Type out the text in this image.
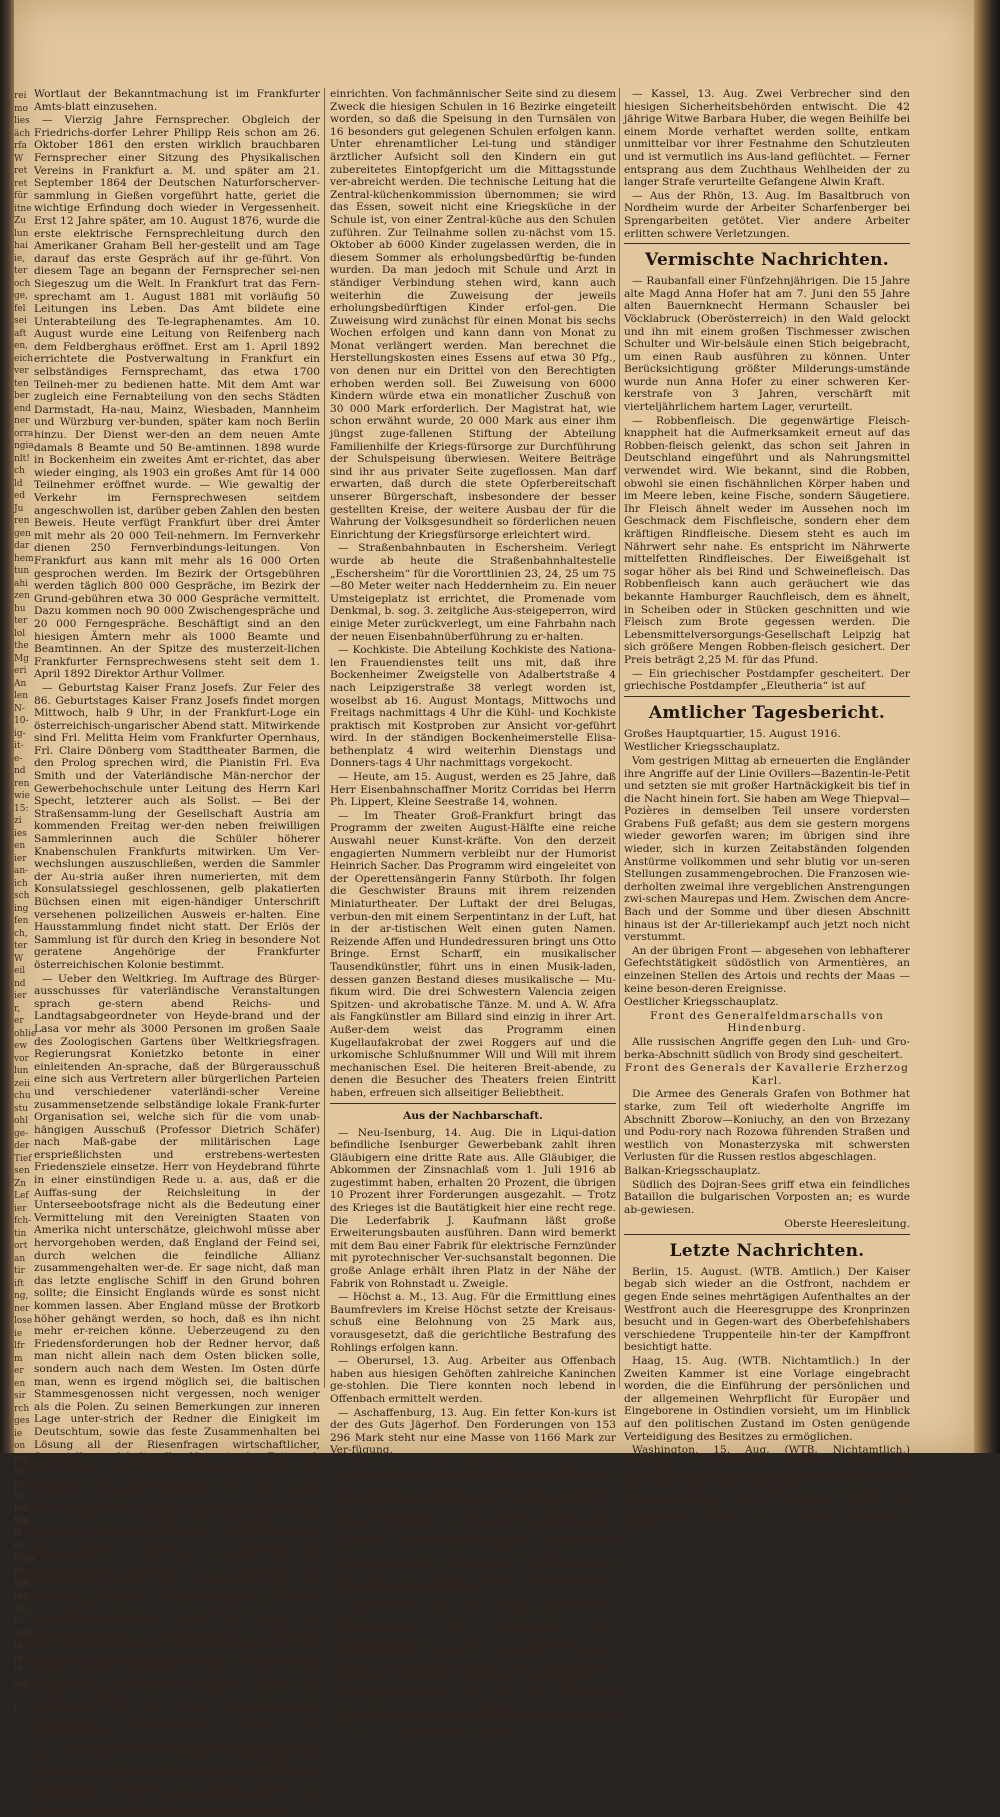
rei mo lies äch rfa W ret ret für itne Zu lun hai ie, ter och ge, fel sei aft en, eich ver ten ber end ner orra ngia nlt! ch ld ed Ju ren gen dar hem tun ahi zen hu ter lol the Mg eri An len N- 10- ig- it- e- nd ren wie 15: zi ies en ier an- ich sch ing fen ch, ter W eil nd ier r, er ohlie ew vor lun zeii chu stu ohl ge- der Tief sen Zn Lef ier fch- tin ort an tir ift ng, ner lose ie lfr m er en sir rch ges ie on ein nd, er lei ber ten N er- fchn- en fen ten fch it- zeh in in rf ver n. t.

Wortlaut der Bekanntmachung ist im Frankfurter Amts-blatt einzusehen.

— Vierzig Jahre Fernsprecher. Obgleich der Friedrichs-dorfer Lehrer Philipp Reis schon am 26. Oktober 1861 den ersten wirklich brauchbaren Fernsprecher einer Sitzung des Physikalischen Vereins in Frankfurt a. M. und später am 21. September 1864 der Deutschen Naturforscherver-sammlung in Gießen vorgeführt hatte, geriet die wichtige Erfindung doch wieder in Vergessenheit. Erst 12 Jahre später, am 10. August 1876, wurde die erste elektrische Fernsprechleitung durch den Amerikaner Graham Bell her-gestellt und am Tage darauf das erste Gespräch auf ihr ge-führt. Von diesem Tage an begann der Fernsprecher sei-nen Siegeszug um die Welt. In Frankfurt trat das Fern-sprechamt am 1. August 1881 mit vorläufig 50 Leitungen ins Leben. Das Amt bildete eine Unterabteilung des Te-legraphenamtes. Am 10. August wurde eine Leitung von Reifenberg nach dem Feldberghaus eröffnet. Erst am 1. April 1892 errichtete die Postverwaltung in Frankfurt ein selbständiges Fernsprechamt, das etwa 1700 Teilneh-mer zu bedienen hatte. Mit dem Amt war zugleich eine Fernabteilung von den sechs Städten Darmstadt, Ha-nau, Mainz, Wiesbaden, Mannheim und Würzburg ver-bunden, später kam noch Berlin hinzu. Der Dienst wer-den an dem neuen Amte damals 8 Beamte und 50 Be-amtinnen. 1898 wurde in Bockenheim ein zweites Amt er-richtet, das aber wieder einging, als 1903 ein großes Amt für 14 000 Teilnehmer eröffnet wurde. — Wie gewaltig der Verkehr im Fernsprechwesen seitdem angeschwollen ist, darüber geben Zahlen den besten Beweis. Heute verfügt Frankfurt über drei Ämter mit mehr als 20 000 Teil-nehmern. Im Fernverkehr dienen 250 Fernverbindungs-leitungen. Von Frankfurt aus kann mit mehr als 16 000 Orten gesprochen werden. Im Bezirk der Ortsgebühren werden täglich 800 000 Gespräche, im Bezirk der Grund-gebühren etwa 30 000 Gespräche vermittelt. Dazu kommen noch 90 000 Zwischengespräche und 20 000 Ferngespräche. Beschäftigt sind an den hiesigen Ämtern mehr als 1000 Beamte und Beamtinnen. An der Spitze des musterzeit-lichen Frankfurter Fernsprechwesens steht seit dem 1. April 1892 Direktor Arthur Vollmer.

— Geburtstag Kaiser Franz Josefs. Zur Feier des 86. Geburtstages Kaiser Franz Josefs findet morgen Mittwoch, halb 9 Uhr, in der Frankfurt-Loge ein österreichisch-ungarischer Abend statt. Mitwirkende sind Frl. Melitta Heim vom Frankfurter Opernhaus, Frl. Claire Dönberg vom Stadttheater Barmen, die den Prolog sprechen wird, die Pianistin Frl. Eva Smith und der Vaterländische Män-nerchor der Gewerbehochschule unter Leitung des Herrn Karl Specht, letzterer auch als Solist. — Bei der Straßensamm-lung der Gesellschaft Austria am kommenden Freitag wer-den neben freiwilligen Sammlerinnen auch die Schüler höherer Knabenschulen Frankfurts mitwirken. Um Ver-wechslungen auszuschließen, werden die Sammler der Au-stria außer ihren numerierten, mit dem Konsulatssiegel geschlossenen, gelb plakatierten Büchsen einen mit eigen-händiger Unterschrift versehenen polizeilichen Ausweis er-halten. Eine Hausstammlung findet nicht statt. Der Erlös der Sammlung ist für durch den Krieg in besondere Not geratene Angehörige der Frankfurter österreichischen Kolonie bestimmt.

— Ueber den Weltkrieg. Im Auftrage des Bürger-ausschusses für vaterländische Veranstaltungen sprach ge-stern abend Reichs- und Landtagsabgeordneter von Heyde-brand und der Lasa vor mehr als 3000 Personen im großen Saale des Zoologischen Gartens über Weltkriegsfragen. Regierungsrat Konietzko betonte in einer einleitenden An-sprache, daß der Bürgerausschuß eine sich aus Vertretern aller bürgerlichen Parteien und verschiedener vaterländi-scher Vereine zusammensetzende selbständige lokale Frank-furter Organisation sei, welche sich für die vom unab-hängigen Ausschuß (Professor Dietrich Schäfer) nach Maß-gabe der militärischen Lage ersprießlichsten und erstrebens-wertesten Friedensziele einsetze. Herr von Heydebrand führte in einer einstündigen Rede u. a. aus, daß er die Auffas-sung der Reichsleitung in der Unterseebootsfrage nicht als die Bedeutung einer Vermittelung mit den Vereinigten Staaten von Amerika nicht unterschätze, gleichwohl müsse aber hervorgehoben werden, daß England der Feind sei, durch welchen die feindliche Allianz zusammengehalten wer-de. Er sage nicht, daß man das letzte englische Schiff in den Grund bohren sollte; die Einsicht Englands würde es sonst nicht kommen lassen. Aber England müsse der Brotkorb höher gehängt werden, so hoch, daß es ihn nicht mehr er-reichen könne. Ueberzeugend zu den Friedensforderungen hob der Redner hervor, daß man nicht allein nach dem Osten blicken solle, sondern auch nach dem Westen. Im Osten dürfe man, wenn es irgend möglich sei, die baltischen Stammesgenossen nicht vergessen, noch weniger als die Polen. Zu seinen Bemerkungen zur inneren Lage unter-strich der Redner die Einigkeit im Deutschtum, sowie das feste Zusammenhalten bei Lösung all der Riesenfragen wirtschaftlicher, finanzieller und kultureller Natur in der Zeit nach dem Kriege. Das preußische Wahlrecht dürfe nicht den Kern der Neuorientierung bilden, wie er sich überhaupt dagegen aussprechen, bei dem Aufbau des preu-ßischen Staates entsprechende Eigenart des preußischen Wahlrechts aufzugeben. Die Eigenart der einzelstaatlichen Organismen dürfe nicht geopfert werden, da sie kulturell und wirtschaftlich, ja auch jetzt draußen auf dem Schlacht-felde zusammen die Grundlage zu fruchtbarer Tätigkeit. Die Schlußausführungen des Redners waren der Sozialdemo-kratie gewidmet. Der Begriff national und antinational könne nicht als zusammengeschlossen gelten, so lange die Sozialdemokratie die Verbrüderung des Proletariats der ganzen Welt erstrebe. Die Rede klang aus in den Mahnruf: Aus Vaterland, aus teure, schließ dich an! Regie-rungsrat Konietzko sprach ein kurzes Schlußwort, gedachte der Kämpfer draußen, zu Lande, zu Wasser und in der Luft und brachte ein Kaiserhoch aus. Mit der begeisterungs-voll gesungenen Nationalhymne schloß die Veranstaltung.

— Schulspeisung für erholungsbedürftige Kinder. Wie die Abteilung Familienhilfe der Kriegsfürsorge mitteilt, wird sie gemäß den Beschlüssen der oberen städtischen Be-hörden in diesem Herbst in Ergänzung der Erholungsfür-sorge eine Schulspeisung für erholungsbedürftige Kinder

einrichten. Von fachmännischer Seite sind zu diesem Zweck die hiesigen Schulen in 16 Bezirke eingeteilt worden, so daß die Speisung in den Turnsälen von 16 besonders gut gelegenen Schulen erfolgen kann. Unter ehrenamtlicher Lei-tung und ständiger ärztlicher Aufsicht soll den Kindern ein gut zubereitetes Eintopfgericht um die Mittagsstunde ver-abreicht werden. Die technische Leitung hat die Zentral-küchenkommission übernommen; sie wird das Essen, soweit nicht eine Kriegsküche in der Schule ist, von einer Zentral-küche aus den Schulen zuführen. Zur Teilnahme sollen zu-nächst vom 15. Oktober ab 6000 Kinder zugelassen werden, die in diesem Sommer als erholungsbedürftig be-funden wurden. Da man jedoch mit Schule und Arzt in ständiger Verbindung stehen wird, kann auch weiterhin die Zuweisung der jeweils erholungsbedürftigen Kinder erfol-gen. Die Zuweisung wird zunächst für einen Monat bis sechs Wochen erfolgen und kann dann von Monat zu Monat verlängert werden. Man berechnet die Herstellungskosten eines Essens auf etwa 30 Pfg., von denen nur ein Drittel von den Berechtigten erhoben werden soll. Bei Zuweisung von 6000 Kindern würde etwa ein monatlicher Zuschuß von 30 000 Mark erforderlich. Der Magistrat hat, wie schon erwähnt wurde, 20 000 Mark aus einer ihm jüngst zuge-fallenen Stiftung der Abteilung Familienhilfe der Kriegs-fürsorge zur Durchführung der Schulspeisung überwiesen. Weitere Beiträge sind ihr aus privater Seite zugeflossen. Man darf erwarten, daß durch die stete Opferbereitschaft unserer Bürgerschaft, insbesondere der besser gestellten Kreise, der weitere Ausbau der für die Wahrung der Volksgesundheit so förderlichen neuen Einrichtung der Kriegsfürsorge erleichtert wird.

— Straßenbahnbauten in Eschersheim. Verlegt wurde ab heute die Straßenbahnhaltestelle „Eschersheim“ für die Vororttlinien 23, 24, 25 um 75—80 Meter weiter nach Heddernheim zu. Ein neuer Umsteigeplatz ist errichtet, die Promenade vom Denkmal, b. sog. 3. zeitgliche Aus-steigeperron, wird einige Meter zurückverlegt, um eine Fahrbahn nach der neuen Eisenbahnüberführung zu er-halten.

— Kochkiste. Die Abteilung Kochkiste des Nationa-len Frauendienstes teilt uns mit, daß ihre Bockenheimer Zweigstelle von Adalbertstraße 4 nach Leipzigerstraße 38 verlegt worden ist, woselbst ab 16. August Montags, Mittwochs und Freitags nachmittags 4 Uhr die Kühl- und Kochkiste praktisch mit Kostproben zur Ansicht vor-geführt wird. In der ständigen Bockenheimerstelle Elisa-bethenplatz 4 wird weiterhin Dienstags und Donners-tags 4 Uhr nachmittags vorgekocht.

— Heute, am 15. August, werden es 25 Jahre, daß Herr Eisenbahnschaffner Moritz Corridas bei Herrn Ph. Lippert, Kleine Seestraße 14, wohnen.

— Im Theater Groß-Frankfurt bringt das Programm der zweiten August-Hälfte eine reiche Auswahl neuer Kunst-kräfte. Von den derzeit engagierten Nummern verbleibt nur der Humorist Heinrich Sacher. Das Programm wird eingeleitet von der Operettensängerin Fanny Stürboth. Ihr folgen die Geschwister Brauns mit ihrem reizenden Miniaturtheater. Der Luftakt der drei Belugas, verbun-den mit einem Serpentintanz in der Luft, hat in der ar-tistischen Welt einen guten Namen. Reizende Affen und Hundedressuren bringt uns Otto Bringe. Ernst Scharff, ein musikalischer Tausendkünstler, führt uns in einen Musik-laden, dessen ganzen Bestand dieses musikalische — Mu-fikum wird. Die drei Schwestern Valencia zeigen Spitzen- und akrobatische Tänze. M. und A. W. Afra als Fangkünstler am Billard sind einzig in ihrer Art. Außer-dem weist das Programm einen Kugellaufakrobat der zwei Roggers auf und die urkomische Schlußnummer Will und Will mit ihrem mechanischen Esel. Die heiteren Breit-abende, zu denen die Besucher des Theaters freien Eintritt haben, erfreuen sich allseitiger Beliebtheit.

Aus der Nachbarschaft.

— Neu-Isenburg, 14. Aug. Die in Liqui-dation befindliche Isenburger Gewerbebank zahlt ihren Gläubigern eine dritte Rate aus. Alle Gläubiger, die Abkommen der Zinsnachlaß vom 1. Juli 1916 ab zugestimmt haben, erhalten 20 Prozent, die übrigen 10 Prozent ihrer Forderungen ausgezahlt. — Trotz des Krieges ist die Bautätigkeit hier eine recht rege. Die Lederfabrik J. Kaufmann läßt große Erweiterungsbauten ausführen. Dann wird bemerkt mit dem Bau einer Fabrik für elektrische Fernzünder mit pyrotechnischer Ver-suchsanstalt begonnen. Die große Anlage erhält ihren Platz in der Nähe der Fabrik von Rohnstadt u. Zweigle.

— Höchst a. M., 13. Aug. Für die Ermittlung eines Baumfrevlers im Kreise Höchst setzte der Kreisaus-schuß eine Belohnung von 25 Mark aus, vorausgesetzt, daß die gerichtliche Bestrafung des Rohlings erfolgen kann.

— Oberursel, 13. Aug. Arbeiter aus Offenbach haben aus hiesigen Gehöften zahlreiche Kaninchen ge-stohlen. Die Tiere konnten noch lebend in Offenbach ermittelt werden.

— Aschaffenburg, 13. Aug. Ein fetter Kon-kurs ist der des Guts Jägerhof. Den Forderungen von 153 296 Mark steht nur eine Masse von 1166 Mark zur Ver-fügung.

— Eberstadt (Kreis Darmstadt), 13. Aug. Nach kurzem Leiden verstarb hier im Alter von 57 Jahren Frau Sanitätsrat Adelheid Wette. Die Verstorbene war die Verfasserin zahlreicher Märchenspiele, wie „Der Frosch-könig“, „Die sieben Geißlein“ und „Hänsel und Gretel“. Zu „Hänsel und Gretel“ schrieb ihr Bruder, Engelbert Humperdinck, die prächtige kerndeutsche Musik, die blei-bendes Eigentum der deutschen Bühnen geworden ist. Weltberühmt ist auch das von Adelheid Wette heraus-gegebene „Deutsche Kinderliederbuch“.

— Schlüchtern, 14. Aug. Der am Samstag hier abgehaltene Kreistag ermächtigte den Kreisausschuß, dem Patenkreise des Regierungsbezirks Kassel Stallupönen in Ostpreußen einen Betrag von 5300 Mk. zu spenden. Vorerst soll versucht werden, diese Summe durch freiwillige Sammlungen im Kreise aufzubringen; der fehlende Rest wird dann von der Kreiskasse übernommen. — Insgesamt hat der Regierungsbezirk Kassel ohne die Stadt Kassel 150 000 Mk. für Stallupönen bewilligt.

— Kassel, 13. Aug. Zwei Verbrecher sind den hiesigen Sicherheitsbehörden entwischt. Die 42 jährige Witwe Barbara Huber, die wegen Beihilfe bei einem Morde verhaftet werden sollte, entkam unmittelbar vor ihrer Festnahme den Schutzleuten und ist vermutlich ins Aus-land geflüchtet. — Ferner entsprang aus dem Zuchthaus Wehlheiden der zu langer Strafe verurteilte Gefangene Alwin Kraft.

— Aus der Rhön, 13. Aug. Im Basaltbruch von Nordheim wurde der Arbeiter Scharfenberger bei Sprengarbeiten getötet. Vier andere Arbeiter erlitten schwere Verletzungen.

Vermischte Nachrichten.

— Raubanfall einer Fünfzehnjährigen. Die 15 Jahre alte Magd Anna Hofer hat am 7. Juni den 55 Jahre alten Bauernknecht Hermann Schausler bei Vöcklabruck (Oberösterreich) in den Wald gelockt und ihn mit einem großen Tischmesser zwischen Schulter und Wir-belsäule einen Stich beigebracht, um einen Raub ausführen zu können. Unter Berücksichtigung größter Milderungs-umstände wurde nun Anna Hofer zu einer schweren Ker-kerstrafe von 3 Jahren, verschärft mit vierteljährlichem hartem Lager, verurteilt.

— Robbenfleisch. Die gegenwärtige Fleisch-knappheit hat die Aufmerksamkeit erneut auf das Robben-fleisch gelenkt, das schon seit Jahren in Deutschland eingeführt und als Nahrungsmittel verwendet wird. Wie bekannt, sind die Robben, obwohl sie einen fischähnlichen Körper haben und im Meere leben, keine Fische, sondern Säugetiere. Ihr Fleisch ähnelt weder im Aussehen noch im Geschmack dem Fischfleische, sondern eher dem kräftigen Rindfleische. Diesem steht es auch im Nährwert sehr nahe. Es entspricht im Nährwerte mittelfetten Rindfleisches. Der Eiweißgehalt ist sogar höher als bei Rind und Schweinefleisch. Das Robbenfleisch kann auch geräuchert wie das bekannte Hamburger Rauchfleisch, dem es ähnelt, in Scheiben oder in Stücken geschnitten und wie Fleisch zum Brote gegessen werden. Die Lebensmittelversorgungs-Gesellschaft Leipzig hat sich größere Mengen Robben-fleisch gesichert. Der Preis beträgt 2,25 M. für das Pfund.

— Ein griechischer Postdampfer gescheitert. Der griechische Postdampfer „Eleutheria“ ist auf

Amtlicher Tagesbericht.

Großes Hauptquartier, 15. August 1916.

Westlicher Kriegsschauplatz.

Vom gestrigen Mittag ab erneuerten die Engländer ihre Angriffe auf der Linie Ovillers—Bazentin-le-Petit und setzten sie mit großer Hartnäckigkeit bis tief in die Nacht hinein fort. Sie haben am Wege Thiepval—Pozières in demselben Teil unsere vordersten Grabens Fuß gefaßt; aus dem sie gestern morgens wieder geworfen waren; im übrigen sind ihre wieder, sich in kurzen Zeitabständen folgenden Anstürme vollkommen und sehr blutig vor un-seren Stellungen zusammengebrochen. Die Franzosen wie-derholten zweimal ihre vergeblichen Anstrengungen zwi-schen Maurepas und Hem. Zwischen dem Ancre-Bach und der Somme und über diesen Abschnitt hinaus ist der Ar-tilleriekampf auch jetzt noch nicht verstummt.

An der übrigen Front — abgesehen von lebhafterer Gefechtstätigkeit südöstlich von Armentières, an einzelnen Stellen des Artois und rechts der Maas — keine beson-deren Ereignisse.

Oestlicher Kriegsschauplatz.

Front des Generalfeldmarschalls von Hindenburg.

Alle russischen Angriffe gegen den Luh- und Gro-berka-Abschnitt südlich von Brody sind gescheitert.

Front des Generals der Kavallerie Erzherzog Karl.

Die Armee des Generals Grafen von Bothmer hat starke, zum Teil oft wiederholte Angriffe im Abschnitt Zborow—Koniuchy, an den von Brzezany und Podu-rory nach Rozowa führenden Straßen und westlich von Monasterzyska mit schwersten Verlusten für die Russen restlos abgeschlagen.

Balkan-Kriegsschauplatz.

Südlich des Dojran-Sees griff etwa ein feindliches Bataillon die bulgarischen Vorposten an; es wurde ab-gewiesen.

Oberste Heeresleitung.
Letzte Nachrichten.

Berlin, 15. August. (WTB. Amtlich.) Der Kaiser begab sich wieder an die Ostfront, nachdem er gegen Ende seines mehrtägigen Aufenthaltes an der Westfront auch die Heeresgruppe des Kronprinzen besucht und in Gegen-wart des Oberbefehlshabers verschiedene Truppenteile hin-ter der Kampffront besichtigt hatte.

Haag, 15. Aug. (WTB. Nichtamtlich.) In der Zweiten Kammer ist eine Vorlage eingebracht worden, die die Einführung der persönlichen und der allgemeinen Wehrpflicht für Europäer und Eingeborene in Ostindien vorsieht, um im Hinblick auf den politischen Zustand im Osten genügende Verteidigung des Besitzes zu ermöglichen.

Washington, 15. Aug. (WTB. Nichtamtlich.) Meldung des Reuterschen Bureaus. Sowohl die Eisen-bahnunternehmer wie die Angestellten haben den Streit-fall dem Präsidenten vorgelegt. Die Regierungskreise sind überzeugt, daß die Vermittlung Wilsons den Ausstand ab-wenden werde.
